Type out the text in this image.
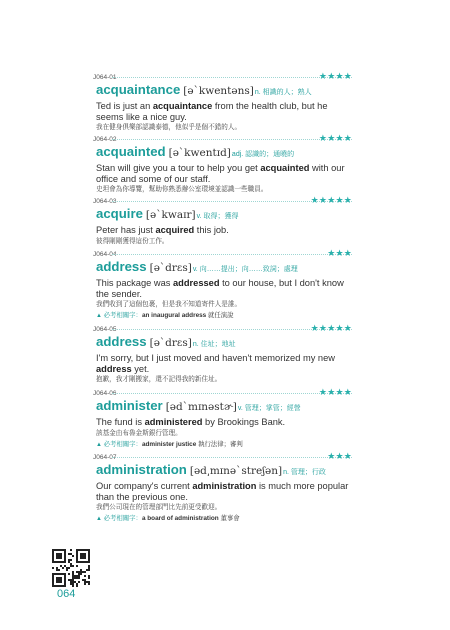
J064-01	★★★★
acquaintance [əˋkwentəns]n. 相識的人；熟人
Ted is just an acquaintance from the health club, but he seems like a nice guy.
我在健身俱樂部認識泰德，他似乎是個不錯的人。
J064-02	★★★★
acquainted [əˋkwentɪd]adj. 認識的；通曉的
Stan will give you a tour to help you get acquainted with our office and some of our staff.
史坦會為你導覽，幫助你熟悉辦公室環境並認識一些職員。
J064-03	★★★★★
acquire [əˋkwaɪr]v. 取得；獲得
Peter has just acquired this job.
彼得剛剛獲得這份工作。
J064-04	★★★
address [əˋdrɛs]v. 向……提出；向……致詞；處理
This package was addressed to our house, but I don't know the sender.
我們收到了這個包裹，但是我不知道寄件人是誰。
▲ 必考相關字：an inaugural address 就任演說
J064-05	★★★★★
address [əˋdrɛs]n. 住址；地址
I'm sorry, but I just moved and haven't memorized my new address yet.
抱歉，我才剛搬家，還不記得我的新住址。
J064-06	★★★★
administer [ədˋmɪnəstɚ]v. 管理；掌管；經營
The fund is administered by Brookings Bank.
該基金由布魯金斯銀行管理。
▲ 必考相關字：administer justice 執行法律；審判
J064-07	★★★
administration [əd͵mɪnəˋstreʃən]n. 管理；行政
Our company's current administration is much more popular than the previous one.
我們公司現在的管理部門比先前更受歡迎。
▲ 必考相關字：a board of administration 董事會
064
